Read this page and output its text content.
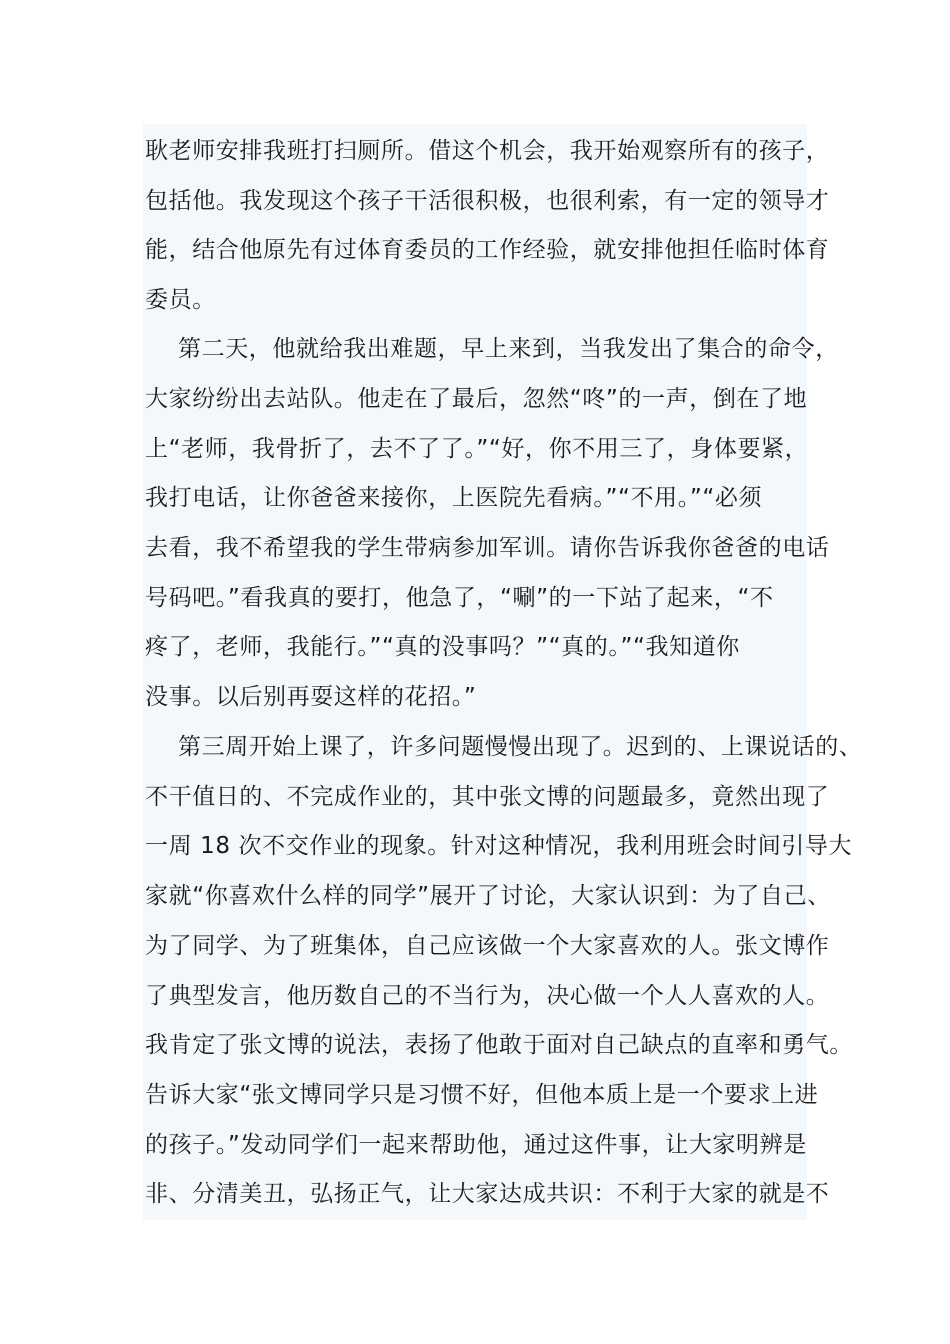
耿老师安排我班打扫厕所。借这个机会，我开始观察所有的孩子，
包括他。我发现这个孩子干活很积极，也很利索，有一定的领导才
能，结合他原先有过体育委员的工作经验，就安排他担任临时体育
委员。
第二天，他就给我出难题，早上来到，当我发出了集合的命令，
大家纷纷出去站队。他走在了最后，忽然“咚”的一声，倒在了地
上“老师，我骨折了，去不了了。”“好，你不用三了，身体要紧，
我打电话，让你爸爸来接你，上医院先看病。”“不用。”“必须
去看，我不希望我的学生带病参加军训。请你告诉我你爸爸的电话
号码吧。”看我真的要打，他急了，“唰”的一下站了起来，“不
疼了，老师，我能行。”“真的没事吗？”“真的。”“我知道你
没事。以后别再耍这样的花招。”
第三周开始上课了，许多问题慢慢出现了。迟到的、上课说话的、
不干值日的、不完成作业的，其中张文博的问题最多，竟然出现了
一周 18 次不交作业的现象。针对这种情况，我利用班会时间引导大
家就“你喜欢什么样的同学”展开了讨论，大家认识到：为了自己、
为了同学、为了班集体，自己应该做一个大家喜欢的人。张文博作
了典型发言，他历数自己的不当行为，决心做一个人人喜欢的人。
我肯定了张文博的说法，表扬了他敢于面对自己缺点的直率和勇气。
告诉大家“张文博同学只是习惯不好，但他本质上是一个要求上进
的孩子。”发动同学们一起来帮助他，通过这件事，让大家明辨是
非、分清美丑，弘扬正气，让大家达成共识：不利于大家的就是不
